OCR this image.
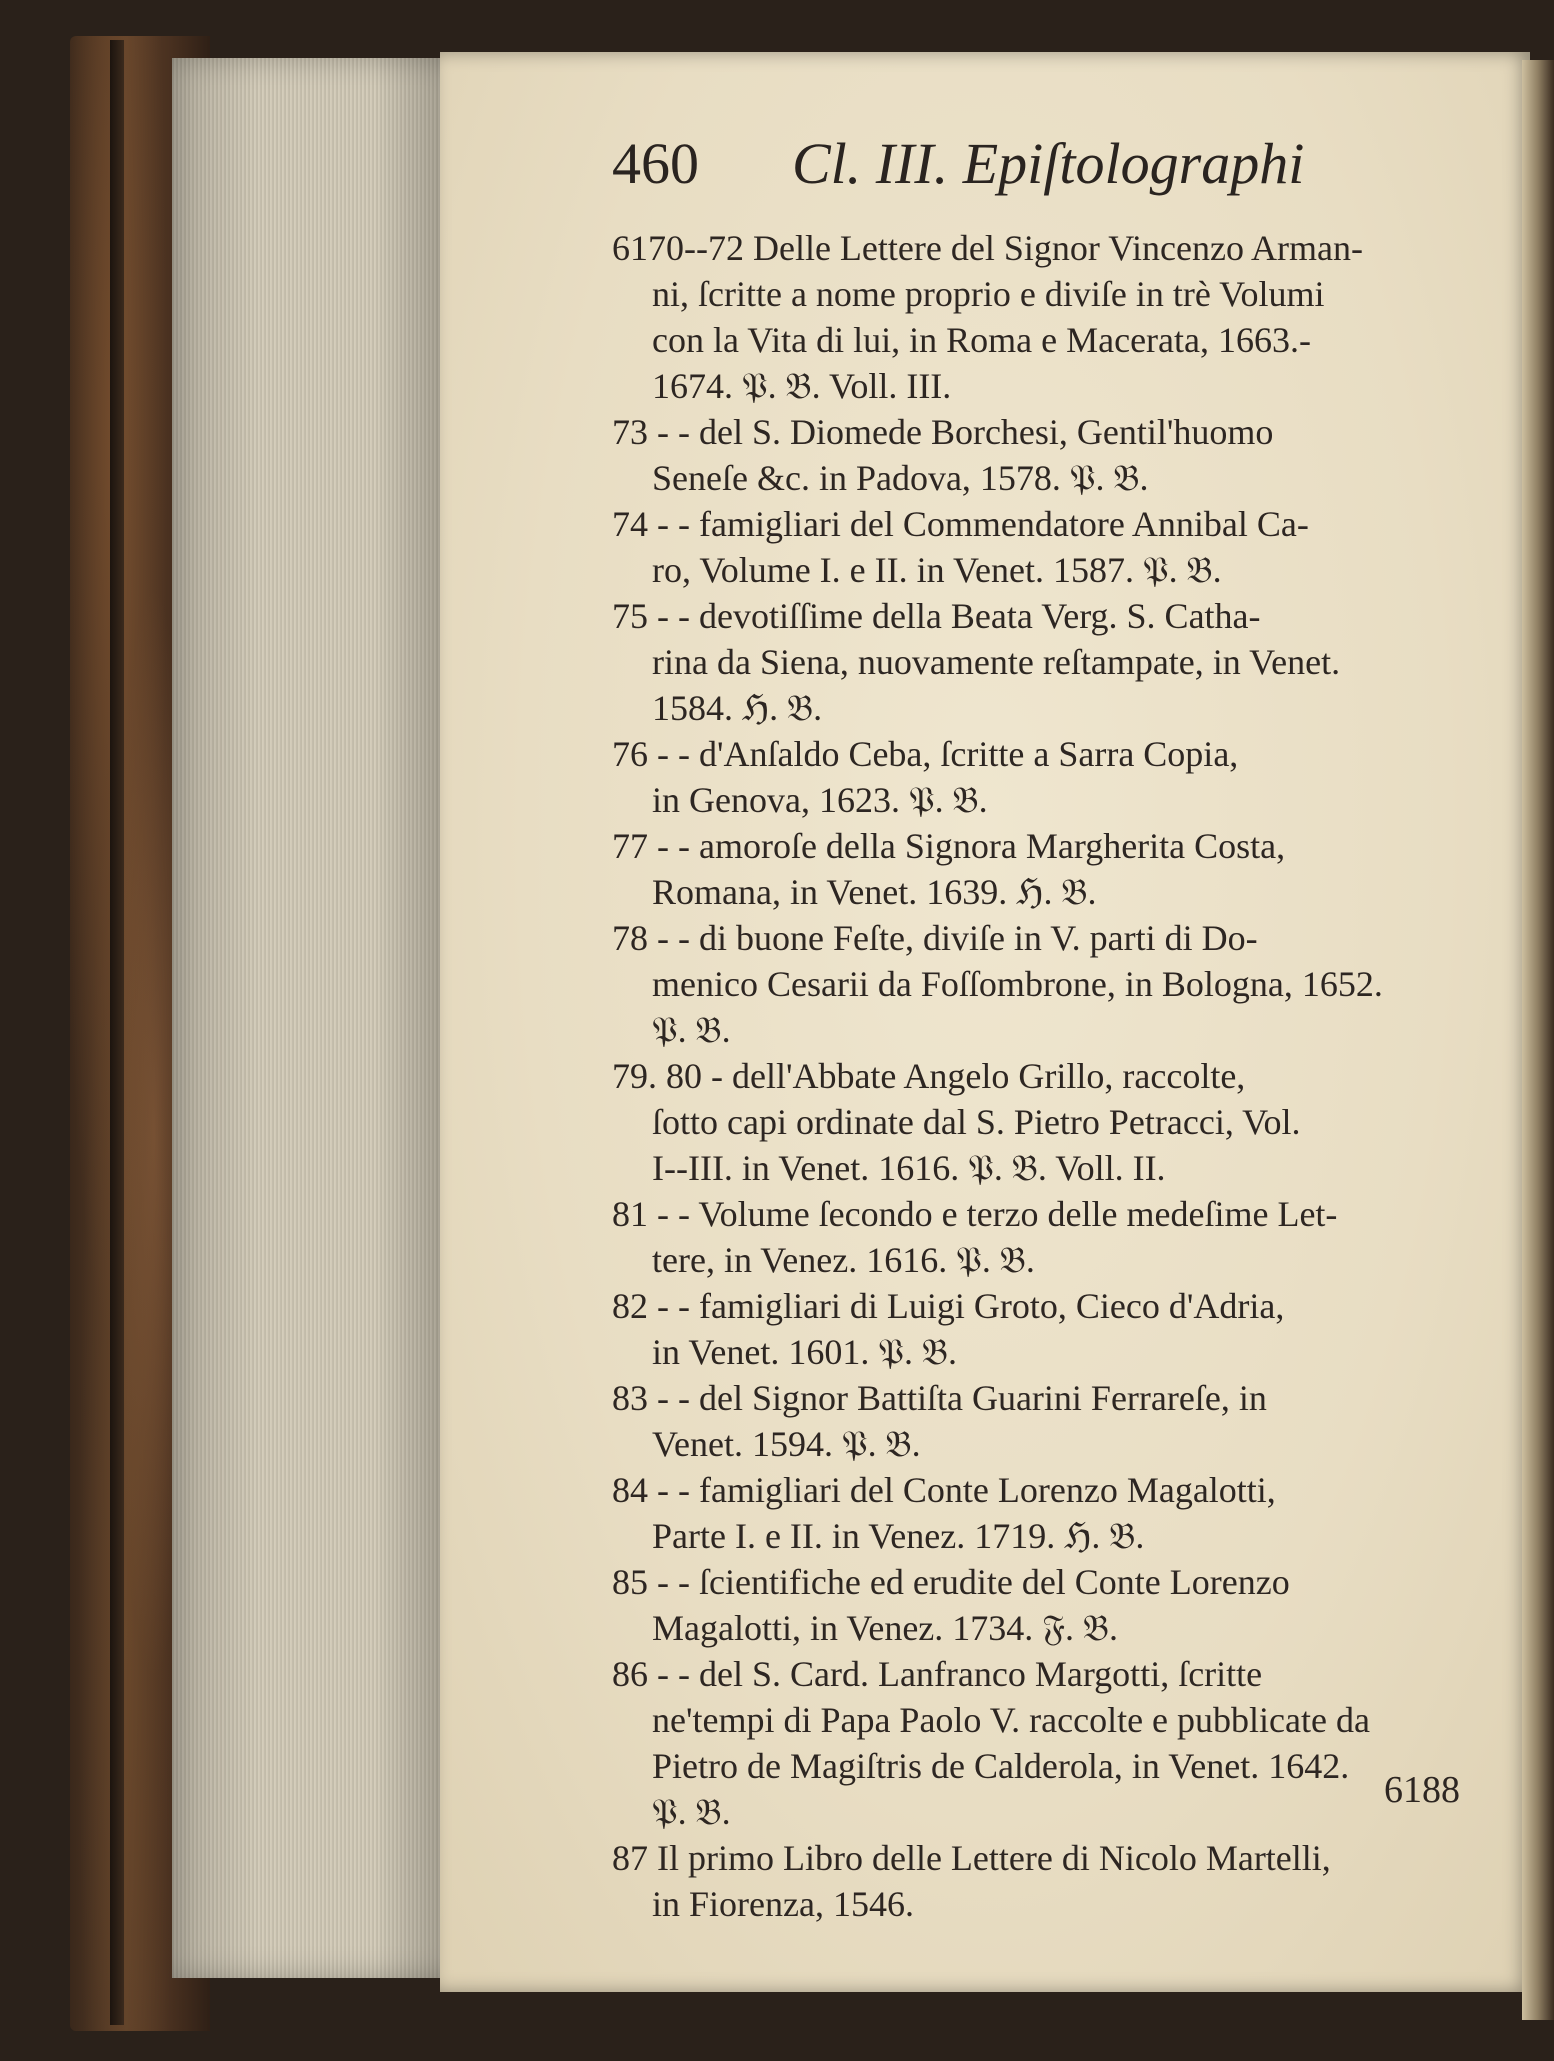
460 Cl. III. Epiſtolographi
6170--72 Delle Lettere del Signor Vincenzo Arman-
ni, ſcritte a nome proprio e diviſe in trè Volumi
con la Vita di lui, in Roma e Macerata, 1663.-
1674. 𝔓. 𝔅. Voll. III.
73 - - del S. Diomede Borchesi, Gentil'huomo
Seneſe &c. in Padova, 1578. 𝔓. 𝔅.
74 - - famigliari del Commendatore Annibal Ca-
ro, Volume I. e II. in Venet. 1587. 𝔓. 𝔅.
75 - - devotiſſime della Beata Verg. S. Catha-
rina da Siena, nuovamente reſtampate, in Venet.
1584. ℌ. 𝔅.
76 - - d'Anſaldo Ceba, ſcritte a Sarra Copia,
in Genova, 1623. 𝔓. 𝔅.
77 - - amoroſe della Signora Margherita Costa,
Romana, in Venet. 1639. ℌ. 𝔅.
78 - - di buone Feſte, diviſe in V. parti di Do-
menico Cesarii da Foſſombrone, in Bologna, 1652.
𝔓. 𝔅.
79. 80 - dell'Abbate Angelo Grillo, raccolte,
ſotto capi ordinate dal S. Pietro Petracci, Vol.
I--III. in Venet. 1616. 𝔓. 𝔅. Voll. II.
81 - - Volume ſecondo e terzo delle medeſime Let-
tere, in Venez. 1616. 𝔓. 𝔅.
82 - - famigliari di Luigi Groto, Cieco d'Adria,
in Venet. 1601. 𝔓. 𝔅.
83 - - del Signor Battiſta Guarini Ferrareſe, in
Venet. 1594. 𝔓. 𝔅.
84 - - famigliari del Conte Lorenzo Magalotti,
Parte I. e II. in Venez. 1719. ℌ. 𝔅.
85 - - ſcientifiche ed erudite del Conte Lorenzo
Magalotti, in Venez. 1734. 𝔉. 𝔅.
86 - - del S. Card. Lanfranco Margotti, ſcritte
ne'tempi di Papa Paolo V. raccolte e pubblicate da
Pietro de Magiſtris de Calderola, in Venet. 1642.
𝔓. 𝔅.
87 Il primo Libro delle Lettere di Nicolo Martelli,
in Fiorenza, 1546.
6188
